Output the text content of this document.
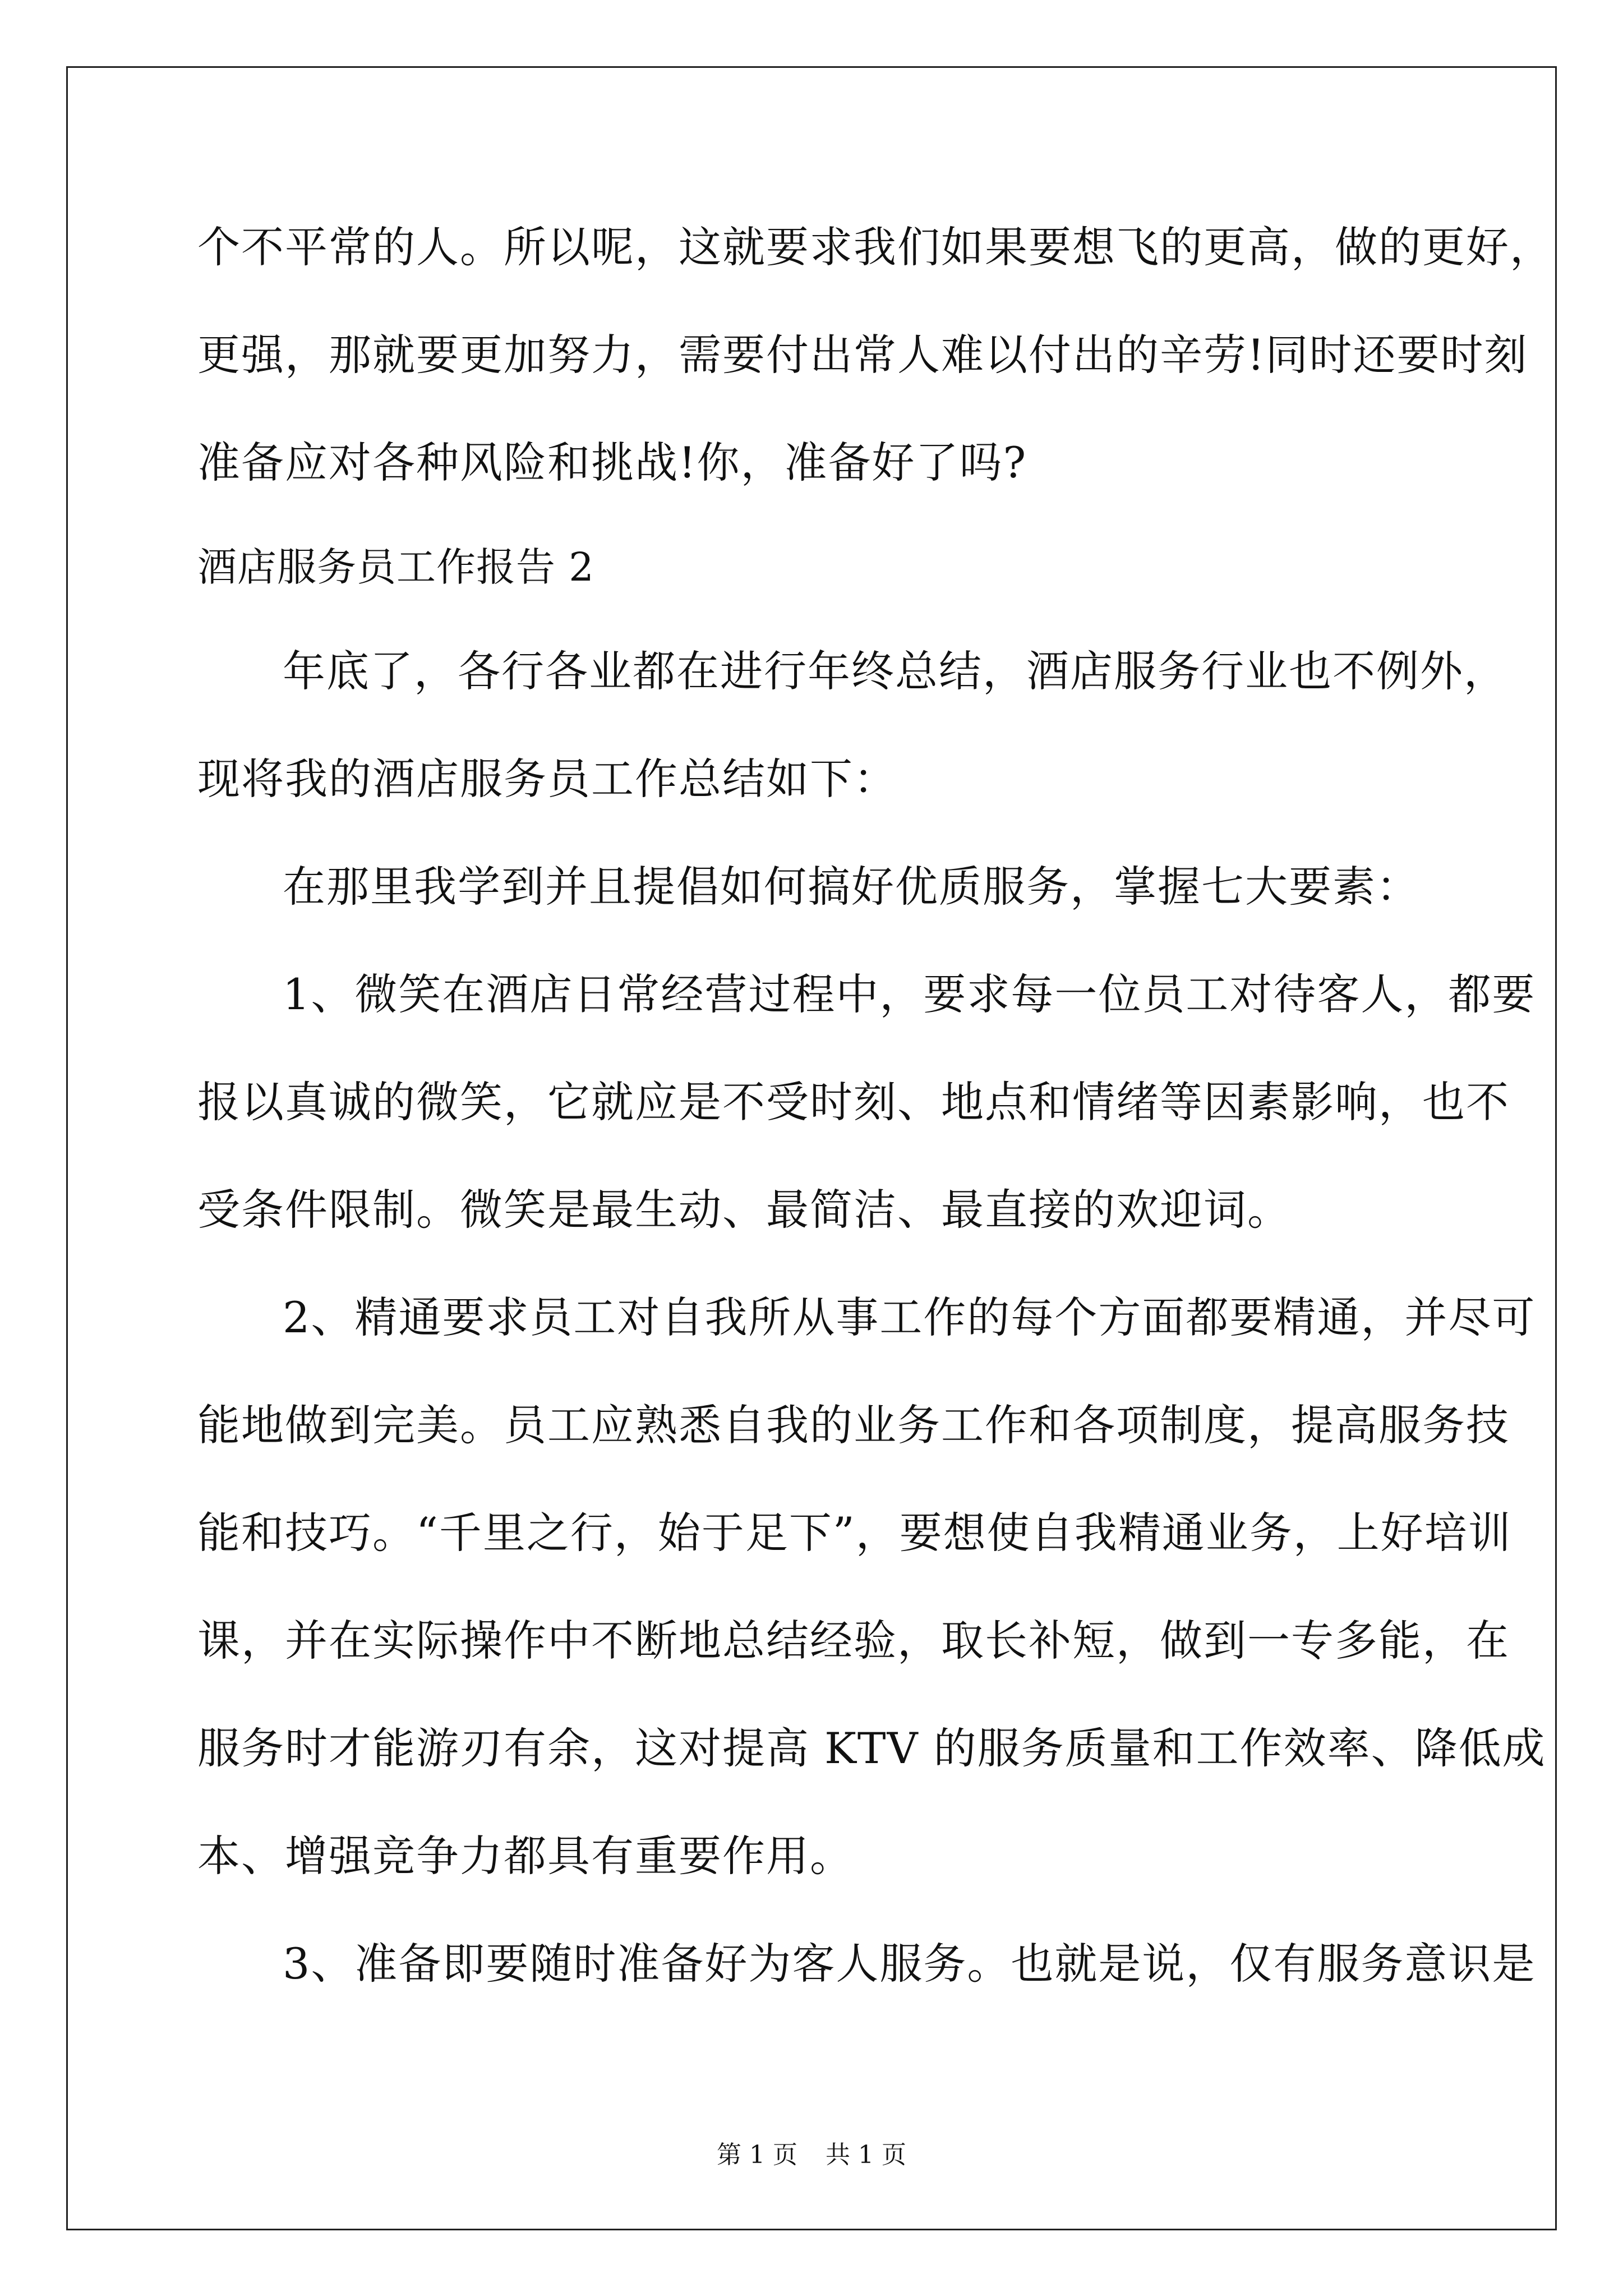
个不平常的人。所以呢，这就要求我们如果要想飞的更高，做的更好，
更强，那就要更加努力，需要付出常人难以付出的辛劳!同时还要时刻
准备应对各种风险和挑战!你，准备好了吗?
酒店服务员工作报告 2
年底了，各行各业都在进行年终总结，酒店服务行业也不例外，
现将我的酒店服务员工作总结如下：
在那里我学到并且提倡如何搞好优质服务，掌握七大要素：
1、微笑在酒店日常经营过程中，要求每一位员工对待客人，都要
报以真诚的微笑，它就应是不受时刻、地点和情绪等因素影响，也不
受条件限制。微笑是最生动、最简洁、最直接的欢迎词。
2、精通要求员工对自我所从事工作的每个方面都要精通，并尽可
能地做到完美。员工应熟悉自我的业务工作和各项制度，提高服务技
能和技巧。“千里之行，始于足下”，要想使自我精通业务，上好培训
课，并在实际操作中不断地总结经验，取长补短，做到一专多能，在
服务时才能游刃有余，这对提高 KTV 的服务质量和工作效率、降低成
本、增强竞争力都具有重要作用。
3、准备即要随时准备好为客人服务。也就是说，仅有服务意识是
第 1 页 共 1 页
